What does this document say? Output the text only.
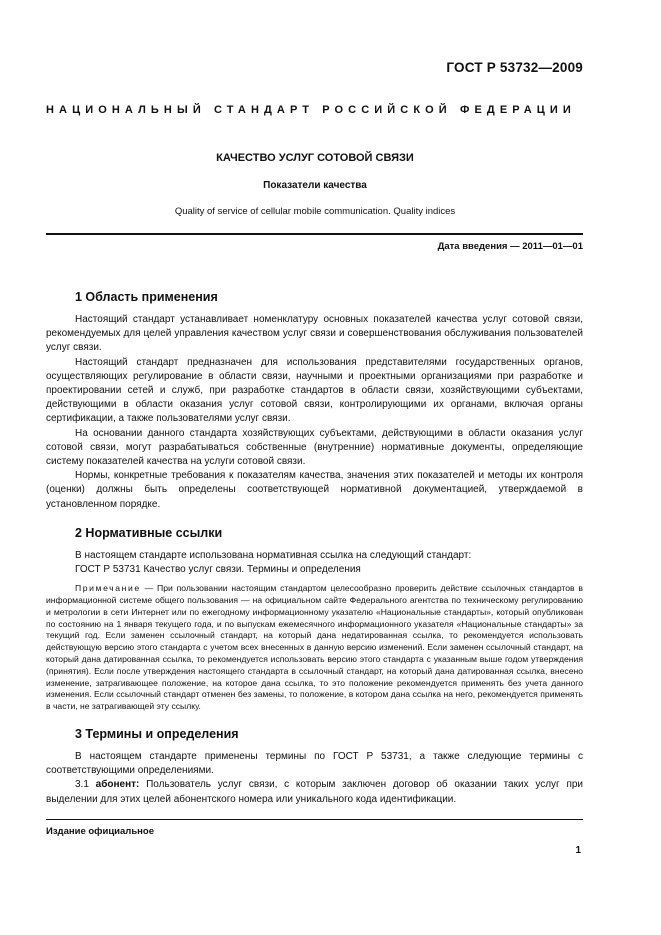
ГОСТ Р 53732—2009
НАЦИОНАЛЬНЫЙ СТАНДАРТ РОССИЙСКОЙ ФЕДЕРАЦИИ
КАЧЕСТВО УСЛУГ СОТОВОЙ СВЯЗИ
Показатели качества
Quality of service of cellular mobile communication. Quality indices
Дата введения — 2011—01—01
1 Область применения

Настоящий стандарт устанавливает номенклатуру основных показателей качества услуг сотовой связи, рекомендуемых для целей управления качеством услуг связи и совершенствования обслуживания пользователей услуг связи.

Настоящий стандарт предназначен для использования представителями государственных органов, осуществляющих регулирование в области связи, научными и проектными организациями при разработке и проектировании сетей и служб, при разработке стандартов в области связи, хозяйствующими субъектами, действующими в области оказания услуг сотовой связи, контролирующими их органами, включая органы сертификации, а также пользователями услуг связи.

На основании данного стандарта хозяйствующих субъектами, действующими в области оказания услуг сотовой связи, могут разрабатываться собственные (внутренние) нормативные документы, определяющие систему показателей качества на услуги сотовой связи.

Нормы, конкретные требования к показателям качества, значения этих показателей и методы их контроля (оценки) должны быть определены соответствующей нормативной документацией, утверждаемой в установленном порядке.

2 Нормативные ссылки

В настоящем стандарте использована нормативная ссылка на следующий стандарт:

ГОСТ Р 53731 Качество услуг связи. Термины и определения

Примечание — При пользовании настоящим стандартом целесообразно проверить действие ссылочных стандартов в информационной системе общего пользования — на официальном сайте Федерального агентства по техническому регулированию и метрологии в сети Интернет или по ежегодному информационному указателю «Национальные стандарты», который опубликован по состоянию на 1 января текущего года, и по выпускам ежемесячного информационного указателя «Национальные стандарты» за текущий год. Если заменен ссылочный стандарт, на который дана недатированная ссылка, то рекомендуется использовать действующую версию этого стандарта с учетом всех внесенных в данную версию изменений. Если заменен ссылочный стандарт, на который дана датированная ссылка, то рекомендуется использовать версию этого стандарта с указанным выше годом утверждения (принятия). Если после утверждения настоящего стандарта в ссылочный стандарт, на который дана датированная ссылка, внесено изменение, затрагивающее положение, на которое дана ссылка, то это положение рекомендуется применять без учета данного изменения. Если ссылочный стандарт отменен без замены, то положение, в котором дана ссылка на него, рекомендуется применять в части, не затрагивающей эту ссылку.
3 Термины и определения

В настоящем стандарте применены термины по ГОСТ Р 53731, а также следующие термины с соответствующими определениями.

3.1 абонент: Пользователь услуг связи, с которым заключен договор об оказании таких услуг при выделении для этих целей абонентского номера или уникального кода идентификации.

Издание официальное
1
